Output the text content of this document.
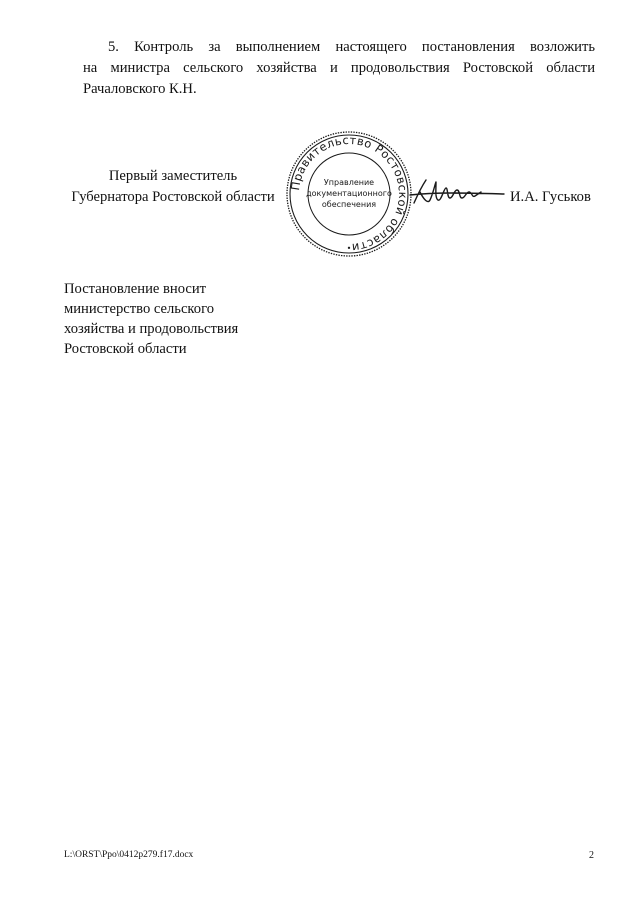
5. Контроль за выполнением настоящего постановления возложить
на министра сельского хозяйства и продовольствия Ростовской области
Рачаловского К.Н.
Первый заместитель
Губернатора Ростовской области
Правительство Ростовской области
Управление
документационного
обеспечения
•
И.А. Гуськов
Постановление вносит
министерство сельского
хозяйства и продовольствия
Ростовской области
L:\ORST\Ppo\0412p279.f17.docx	2
